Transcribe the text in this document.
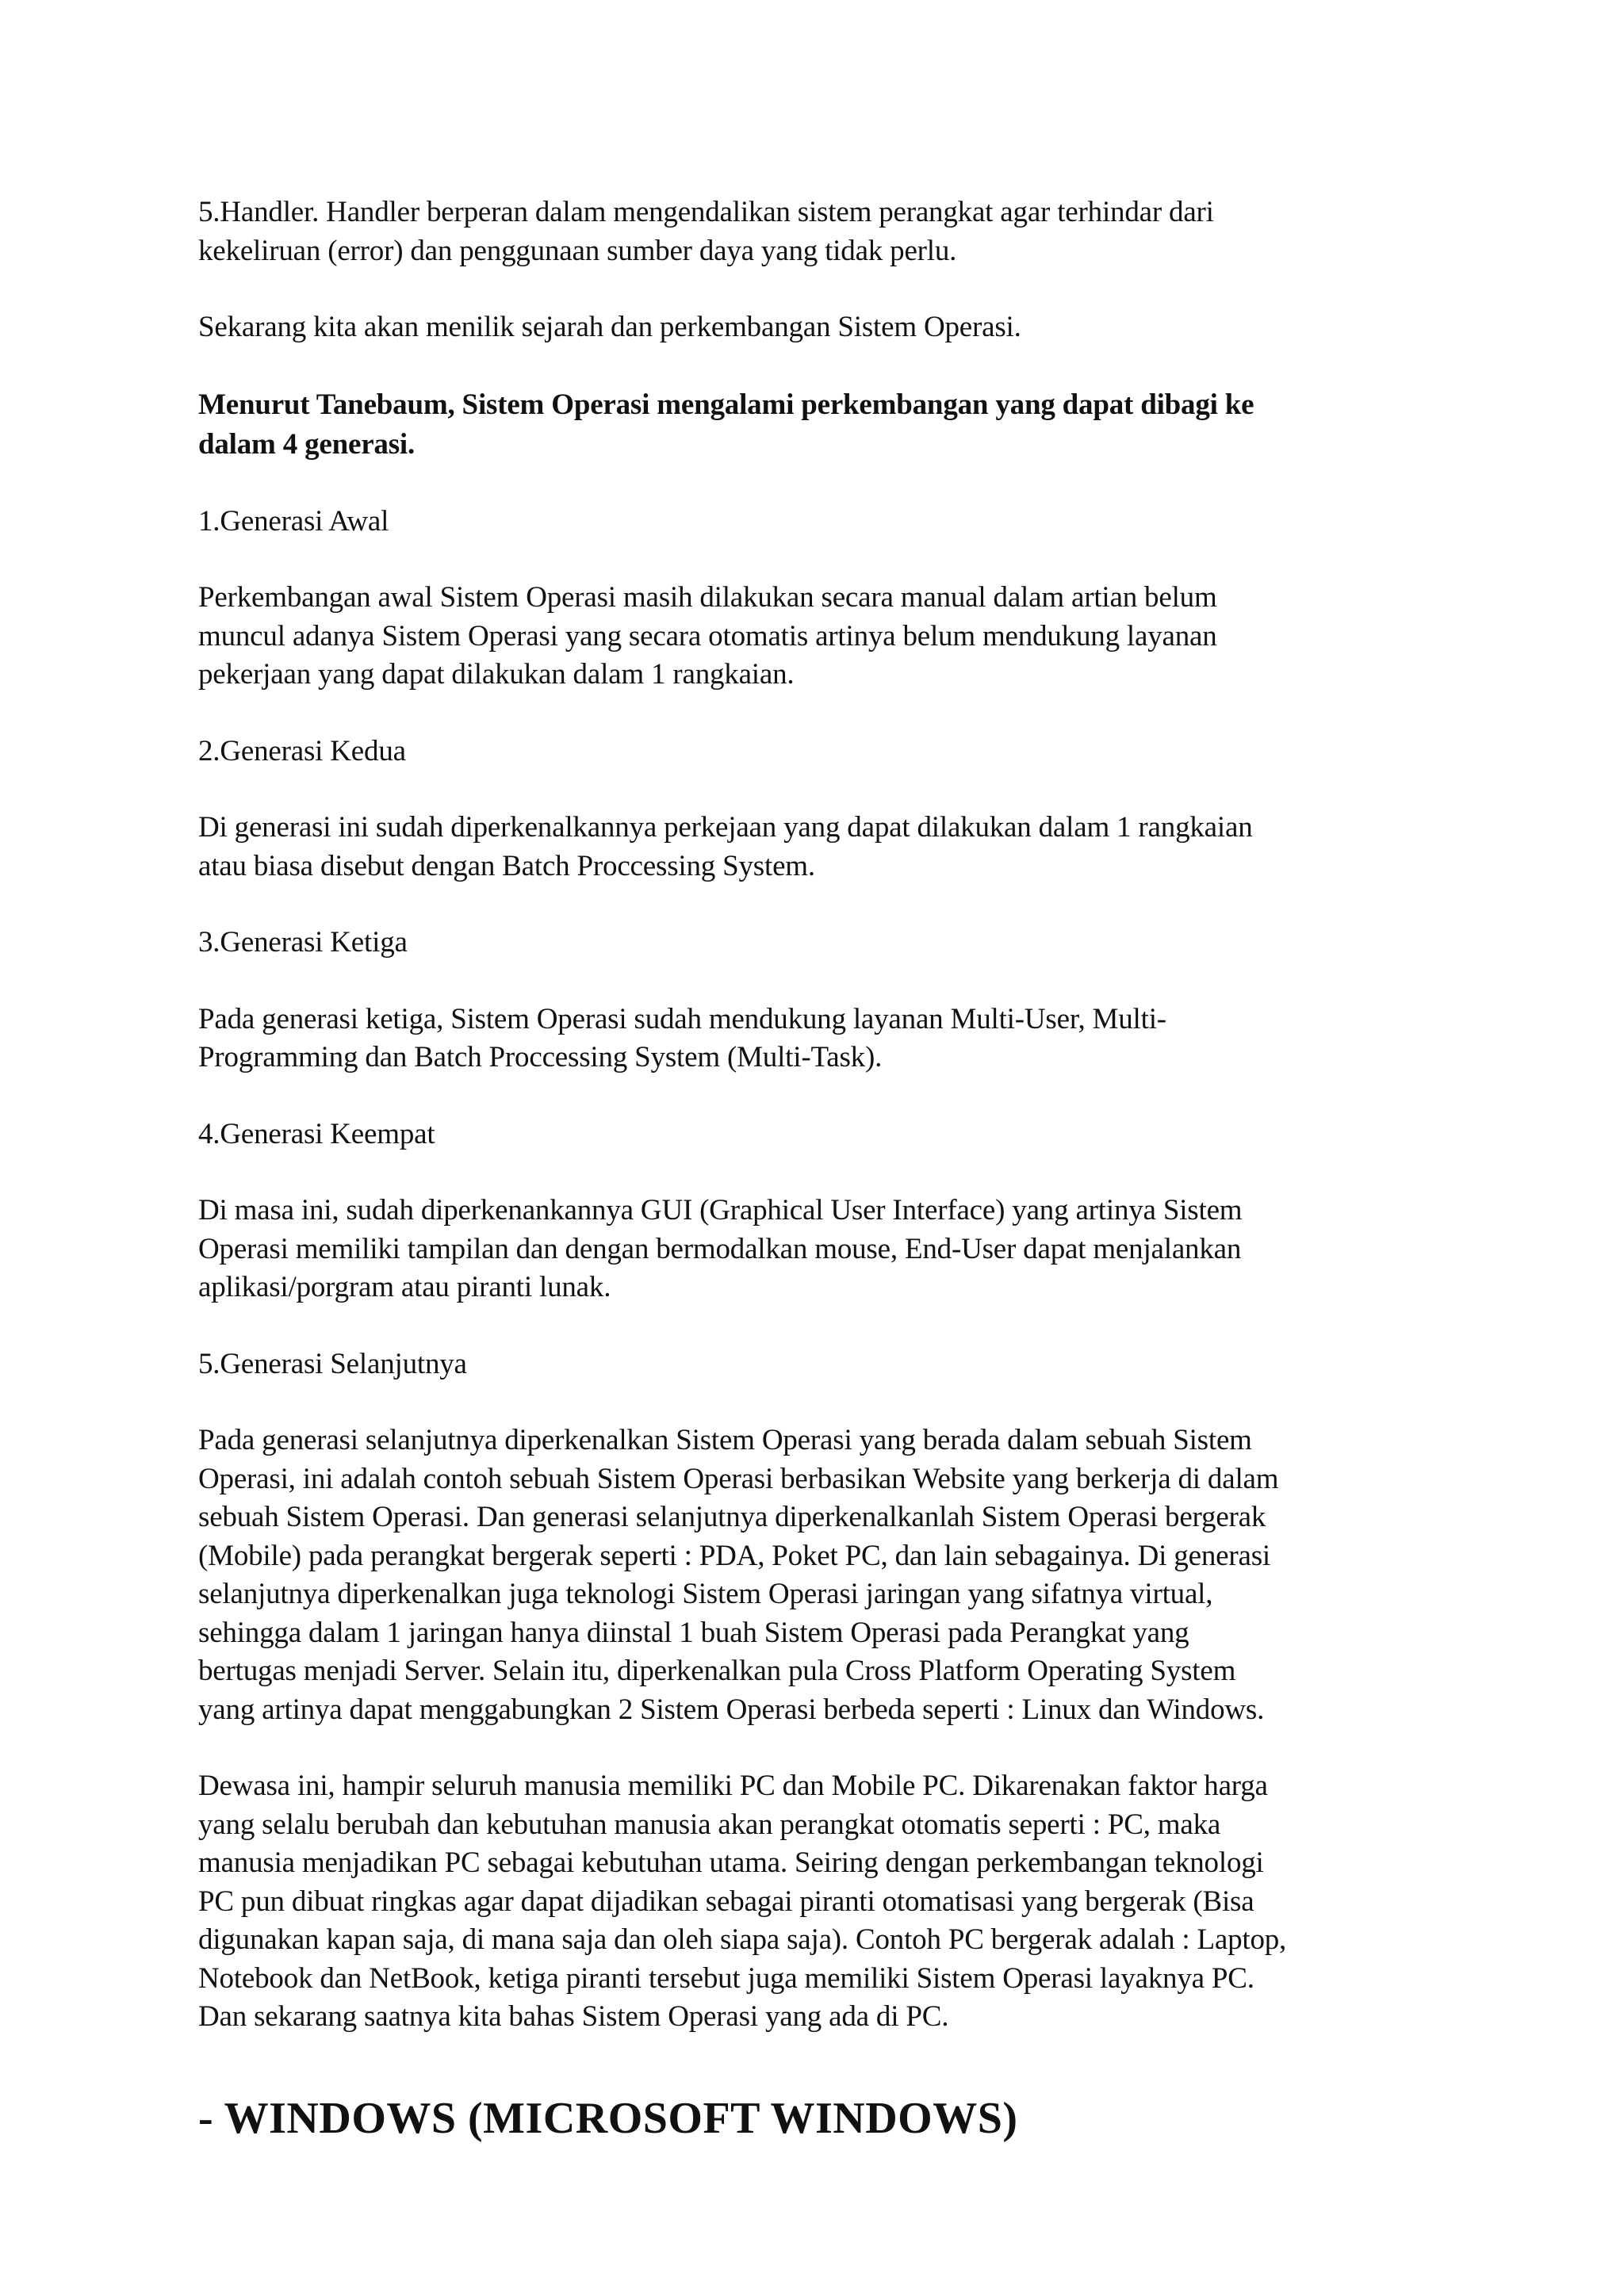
5.Handler. Handler berperan dalam mengendalikan sistem perangkat agar terhindar dari

kekeliruan (error) dan penggunaan sumber daya yang tidak perlu.

Sekarang kita akan menilik sejarah dan perkembangan Sistem Operasi.

Menurut Tanebaum, Sistem Operasi mengalami perkembangan yang dapat dibagi ke

dalam 4 generasi.

1.Generasi Awal

Perkembangan awal Sistem Operasi masih dilakukan secara manual dalam artian belum

muncul adanya Sistem Operasi yang secara otomatis artinya belum mendukung layanan

pekerjaan yang dapat dilakukan dalam 1 rangkaian.

2.Generasi Kedua

Di generasi ini sudah diperkenalkannya perkejaan yang dapat dilakukan dalam 1 rangkaian

atau biasa disebut dengan Batch Proccessing System.

3.Generasi Ketiga

Pada generasi ketiga, Sistem Operasi sudah mendukung layanan Multi-User, Multi-

Programming dan Batch Proccessing System (Multi-Task).

4.Generasi Keempat

Di masa ini, sudah diperkenankannya GUI (Graphical User Interface) yang artinya Sistem

Operasi memiliki tampilan dan dengan bermodalkan mouse, End-User dapat menjalankan

aplikasi/porgram atau piranti lunak.

5.Generasi Selanjutnya

Pada generasi selanjutnya diperkenalkan Sistem Operasi yang berada dalam sebuah Sistem

Operasi, ini adalah contoh sebuah Sistem Operasi berbasikan Website yang berkerja di dalam

sebuah Sistem Operasi. Dan generasi selanjutnya diperkenalkanlah Sistem Operasi bergerak

(Mobile) pada perangkat bergerak seperti : PDA, Poket PC, dan lain sebagainya. Di generasi

selanjutnya diperkenalkan juga teknologi Sistem Operasi jaringan yang sifatnya virtual,

sehingga dalam 1 jaringan hanya diinstal 1 buah Sistem Operasi pada Perangkat yang

bertugas menjadi Server. Selain itu, diperkenalkan pula Cross Platform Operating System

yang artinya dapat menggabungkan 2 Sistem Operasi berbeda seperti : Linux dan Windows.

Dewasa ini, hampir seluruh manusia memiliki PC dan Mobile PC. Dikarenakan faktor harga

yang selalu berubah dan kebutuhan manusia akan perangkat otomatis seperti : PC, maka

manusia menjadikan PC sebagai kebutuhan utama. Seiring dengan perkembangan teknologi

PC pun dibuat ringkas agar dapat dijadikan sebagai piranti otomatisasi yang bergerak (Bisa

digunakan kapan saja, di mana saja dan oleh siapa saja). Contoh PC bergerak adalah : Laptop,

Notebook dan NetBook, ketiga piranti tersebut juga memiliki Sistem Operasi layaknya PC.

Dan sekarang saatnya kita bahas Sistem Operasi yang ada di PC.

- WINDOWS (MICROSOFT WINDOWS)
